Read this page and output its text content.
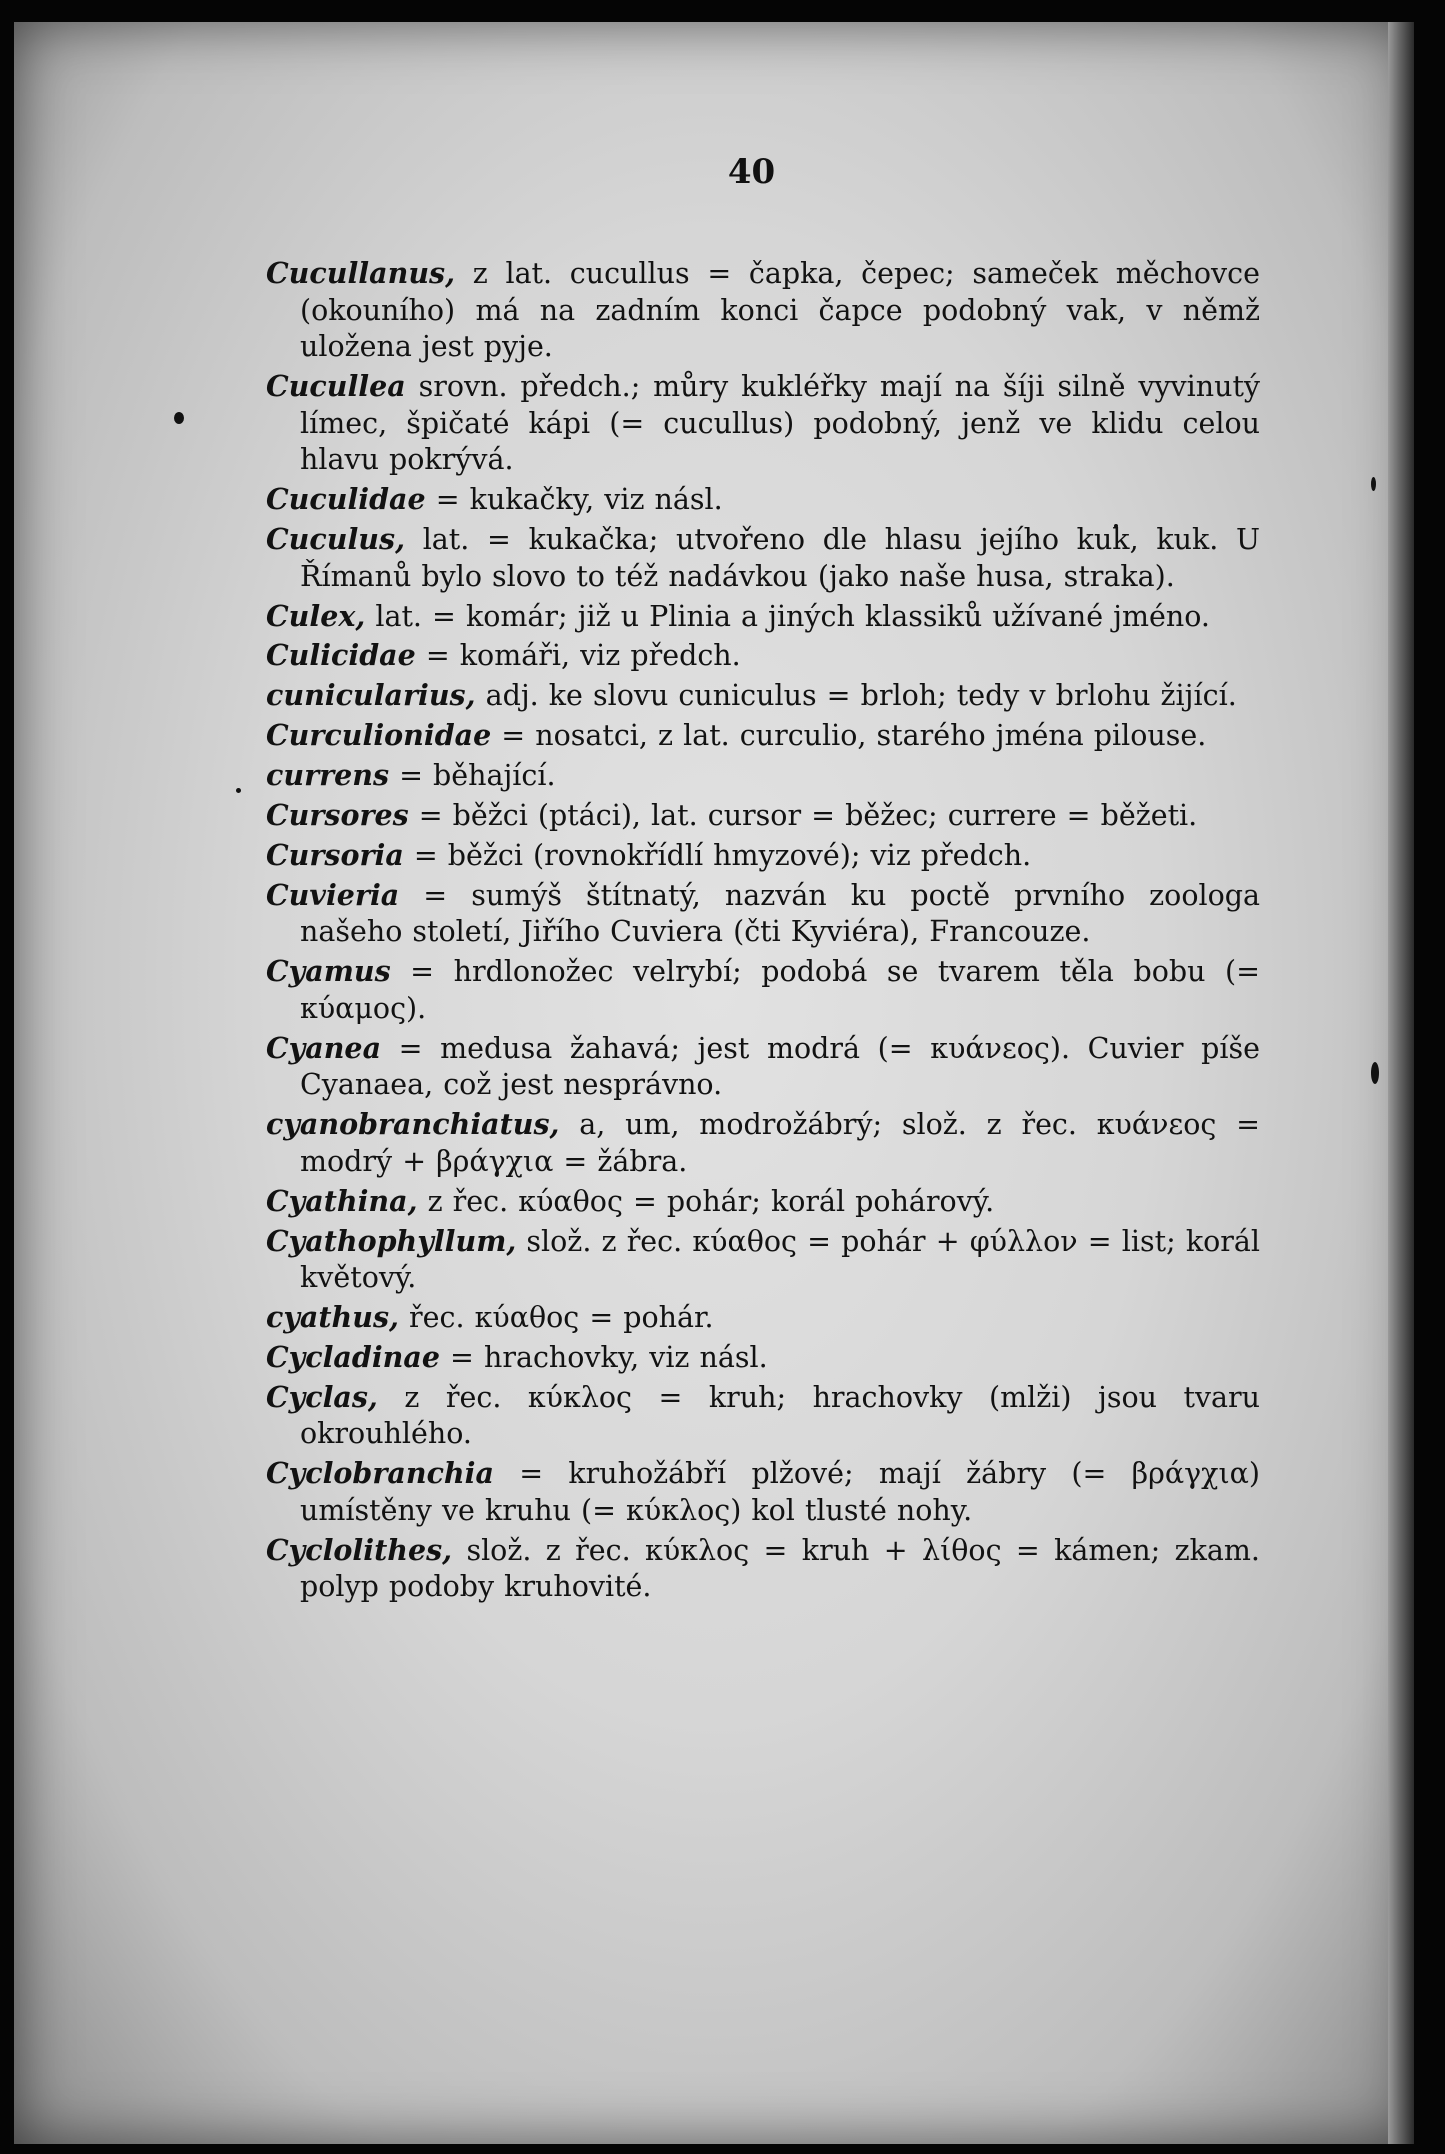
40

Cucullanus, z lat. cucullus = čapka, čepec; sameček měchovce (okouního) má na zadním konci čapce podobný vak, v němž uložena jest pyje.

Cucullea srovn. předch.; můry kukléřky mají na šíji silně vyvinutý límec, špičaté kápi (= cucullus) podobný, jenž ve klidu celou hlavu pokrývá.

Cuculidae = kukačky, viz násl.

Cuculus, lat. = kukačka; utvořeno dle hlasu jejího kuk, kuk. U Římanů bylo slovo to též nadávkou (jako naše husa, straka).

Culex, lat. = komár; již u Plinia a jiných klassiků užívané jméno.

Culicidae = komáři, viz předch.

cunicularius, adj. ke slovu cuniculus = brloh; tedy v brlohu žijící.

Curculionidae = nosatci, z lat. curculio, starého jména pilouse.

currens = běhající.

Cursores = běžci (ptáci), lat. cursor = běžec; currere = běžeti.

Cursoria = běžci (rovnokřídlí hmyzové); viz předch.

Cuvieria = sumýš štítnatý, nazván ku poctě prvního zoologa našeho století, Jiřího Cuviera (čti Kyviéra), Francouze.

Cyamus = hrdlonožec velrybí; podobá se tvarem těla bobu (= κύαμος).

Cyanea = medusa žahavá; jest modrá (= κυάνεος). Cuvier píše Cyanaea, což jest nesprávno.

cyanobranchiatus, a, um, modrožábrý; slož. z řec. κυάνεος = modrý + βράγχια = žábra.

Cyathina, z řec. κύαθος = pohár; korál pohárový.

Cyathophyllum, slož. z řec. κύαθος = pohár + φύλλον = list; korál květový.

cyathus, řec. κύαθος = pohár.

Cycladinae = hrachovky, viz násl.

Cyclas, z řec. κύκλος = kruh; hrachovky (mlži) jsou tvaru okrouhlého.

Cyclobranchia = kruhožábří plžové; mají žábry (= βράγχια) umístěny ve kruhu (= κύκλος) kol tlusté nohy.

Cyclolithes, slož. z řec. κύκλος = kruh + λίθος = kámen; zkam. polyp podoby kruhovité.
